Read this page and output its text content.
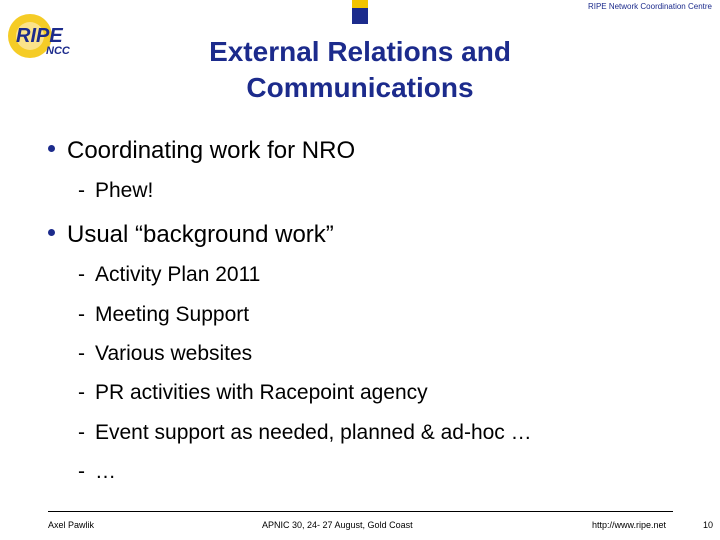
RIPE
NCC
RIPE Network Coordination Centre
External Relations and
Communications
Coordinating work for NRO
- Phew!
Usual “background work”
- Activity Plan 2011
- Meeting Support
- Various websites
- PR activities with Racepoint agency
- Event support as needed, planned & ad-hoc …
- …
Axel Pawlik	APNIC 30, 24- 27 August, Gold Coast	http://www.ripe.net	10
